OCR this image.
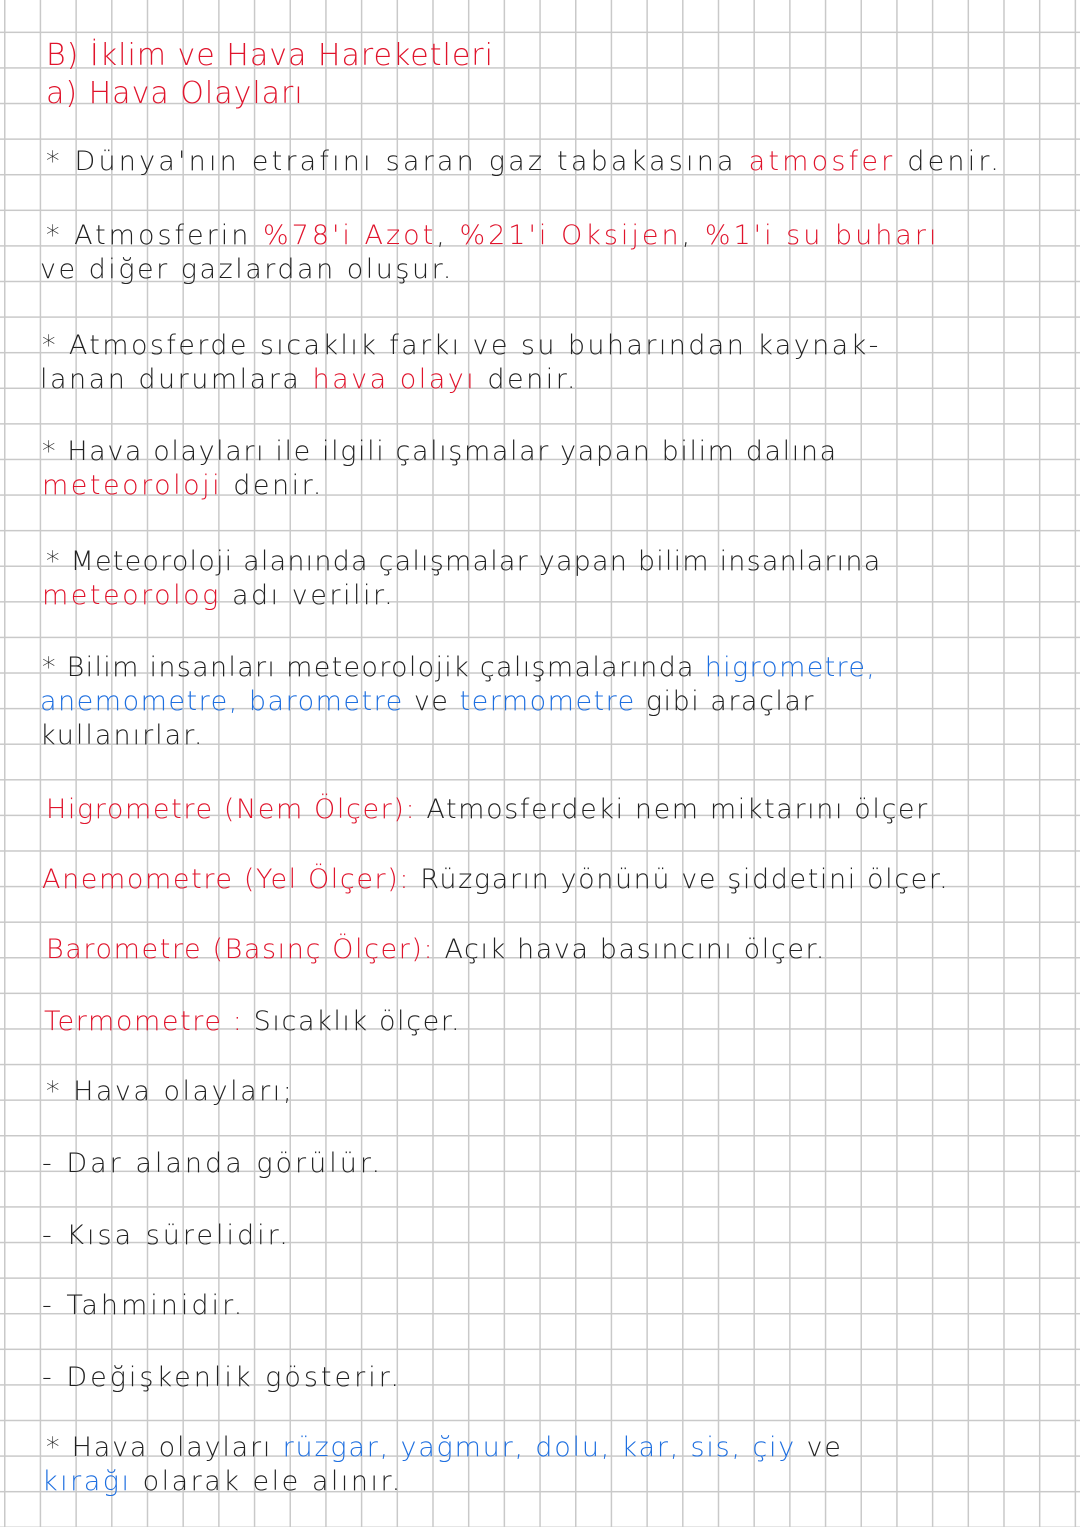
B) İklim ve Hava Hareketleri
a) Hava Olayları
* Dünya'nın etrafını saran gaz tabakasına atmosfer denir.
* Atmosferin %78'i Azot, %21'i Oksijen, %1'i su buharı
ve diğer gazlardan oluşur.
* Atmosferde sıcaklık farkı ve su buharından kaynak-
lanan durumlara hava olayı denir.
* Hava olayları ile ilgili çalışmalar yapan bilim dalına
meteoroloji denir.
* Meteoroloji alanında çalışmalar yapan bilim insanlarına
meteorolog adı verilir.
* Bilim insanları meteorolojik çalışmalarında higrometre,
anemometre, barometre ve termometre gibi araçlar
kullanırlar.
Higrometre (Nem Ölçer): Atmosferdeki nem miktarını ölçer
Anemometre (Yel Ölçer): Rüzgarın yönünü ve şiddetini ölçer.
Barometre (Basınç Ölçer): Açık hava basıncını ölçer.
Termometre : Sıcaklık ölçer.
* Hava olayları;
- Dar alanda görülür.
- Kısa sürelidir.
- Tahminidir.
- Değişkenlik gösterir.
* Hava olayları rüzgar, yağmur, dolu, kar, sis, çiy ve
kırağı olarak ele alınır.
